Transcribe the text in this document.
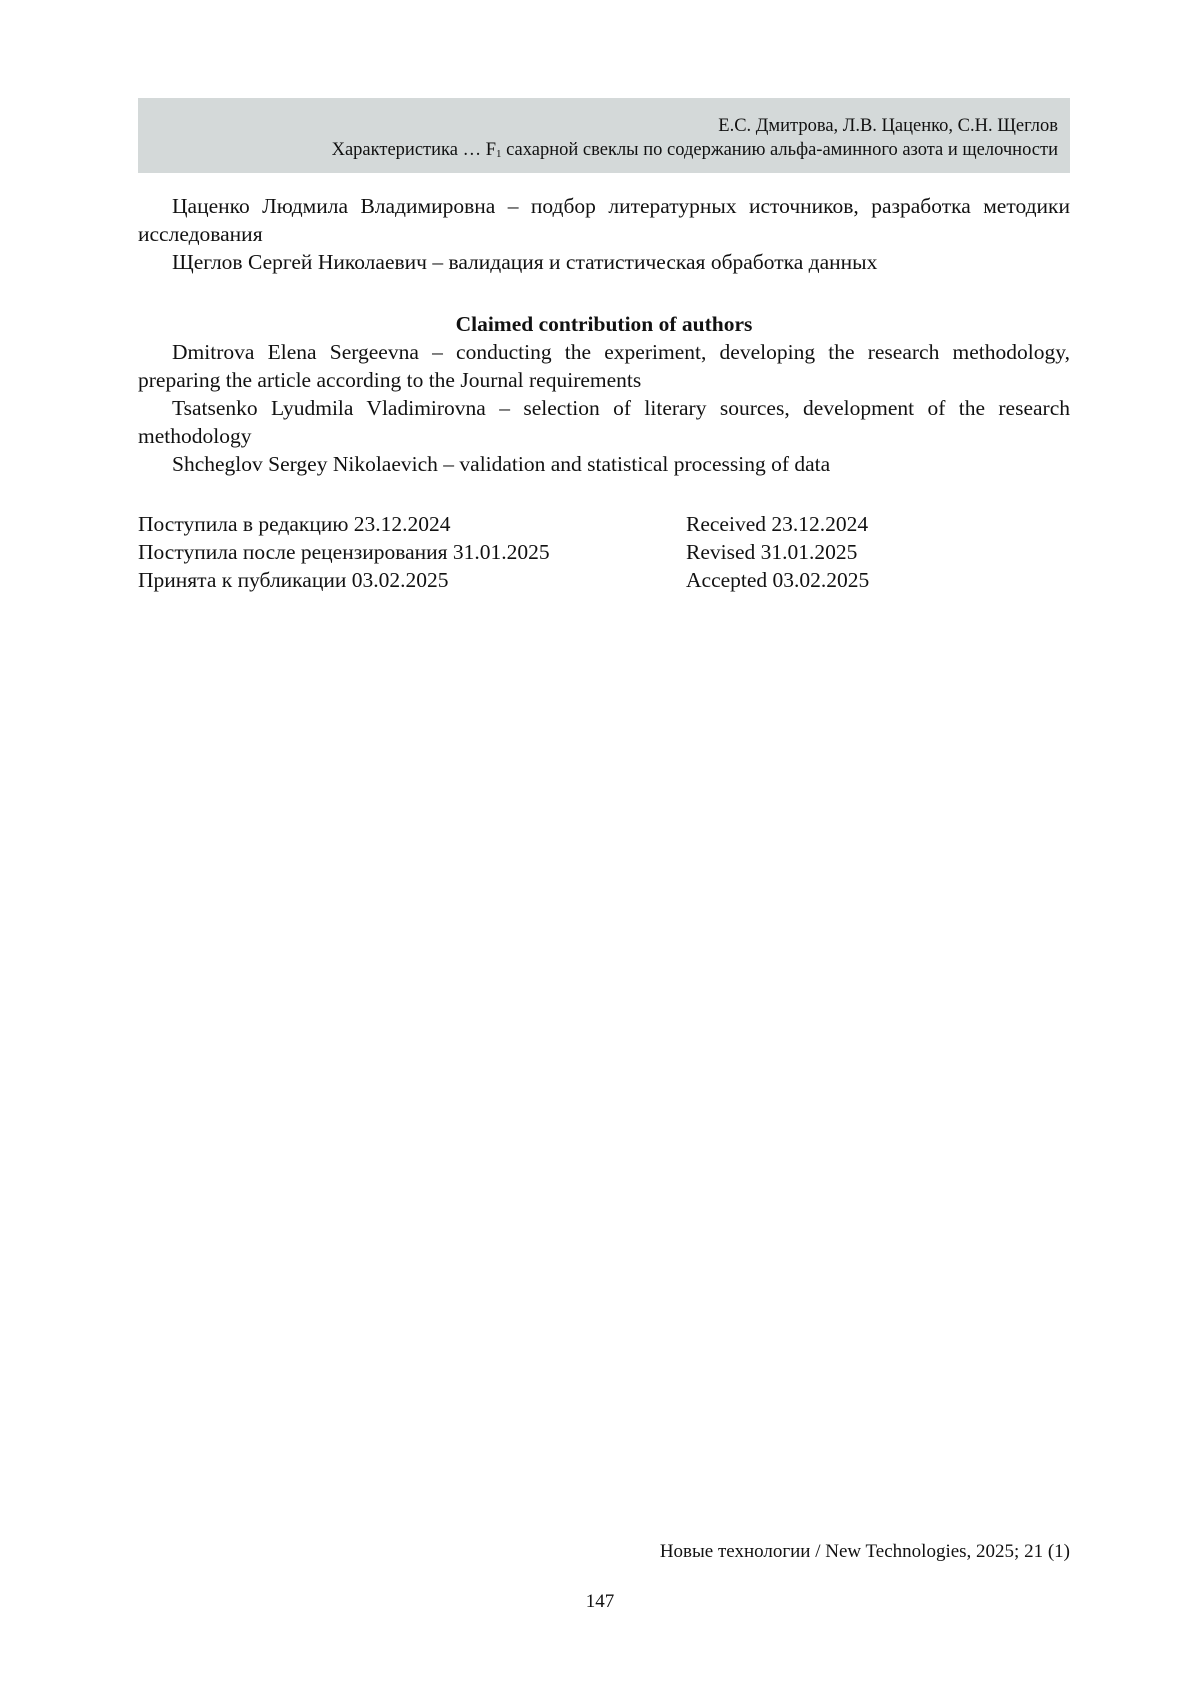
Е.С. Дмитрова, Л.В. Цаценко, С.Н. Щеглов
Характеристика … $F_1$ сахарной свеклы по содержанию альфа-аминного азота и щелочности

Цаценко Людмила Владимировна – подбор литературных источников, разработка методики исследования

Щеглов Сергей Николаевич – валидация и статистическая обработка данных

Claimed contribution of authors

Dmitrova Elena Sergeevna – conducting the experiment, developing the research methodology, preparing the article according to the Journal requirements

Tsatsenko Lyudmila Vladimirovna – selection of literary sources, development of the research methodology

Shcheglov Sergey Nikolaevich – validation and statistical processing of data

Поступила в редакцию 23.12.2024	Received 23.12.2024
Поступила после рецензирования 31.01.2025	Revised 31.01.2025
Принята к публикации 03.02.2025	Accepted 03.02.2025
Новые технологии / New Technologies, 2025; 21 (1)
147
